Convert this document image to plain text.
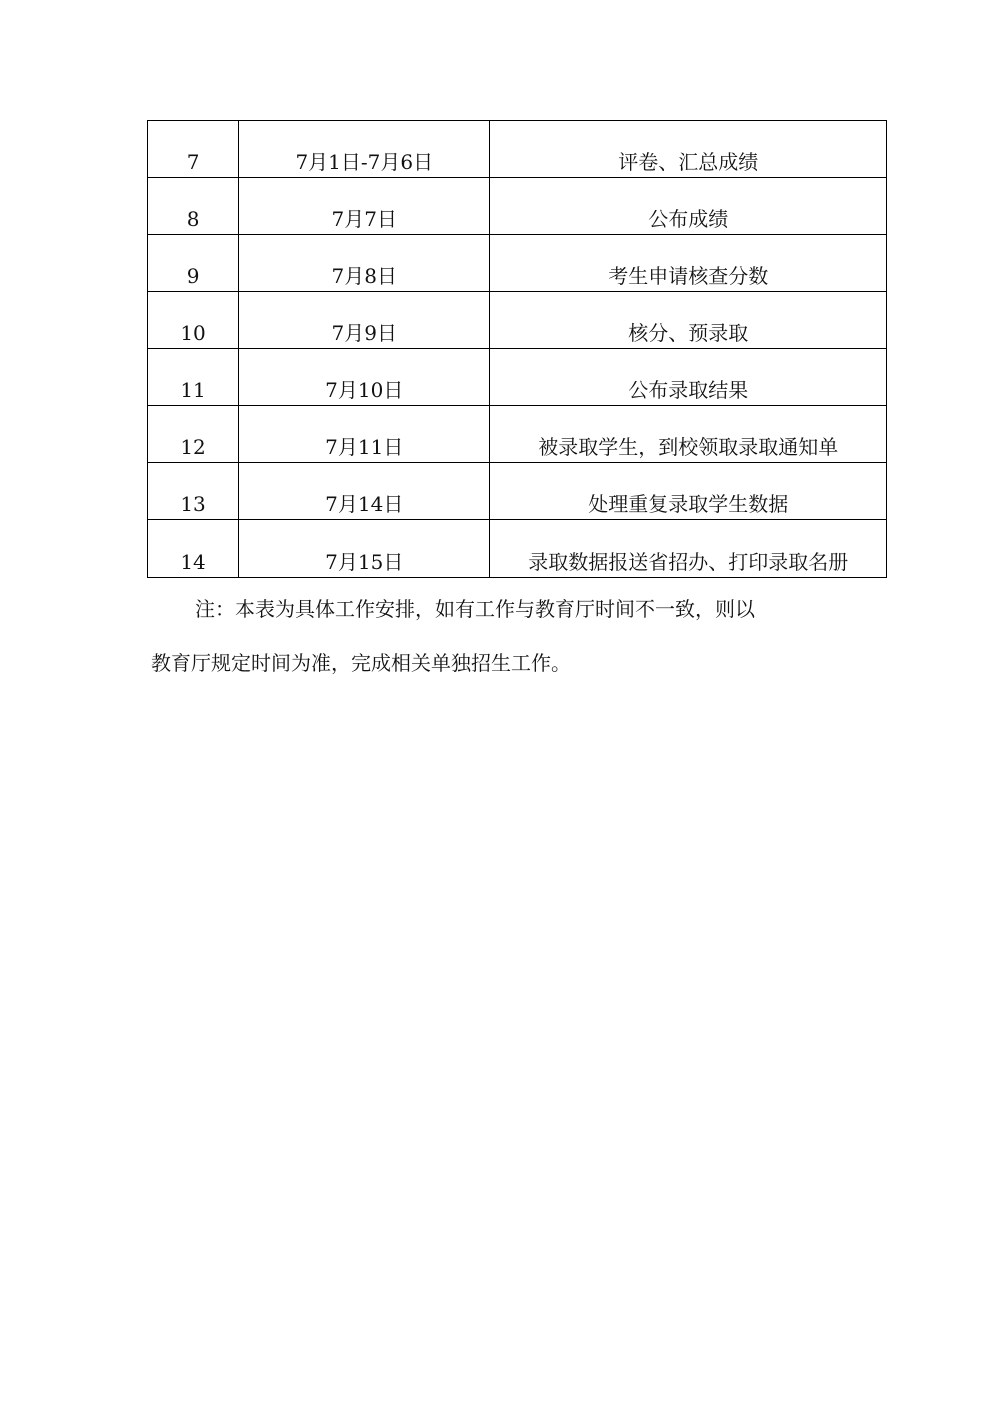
7	7月1日-7月6日	评卷、汇总成绩
8	7月7日	公布成绩
9	7月8日	考生申请核查分数
10	7月9日	核分、预录取
11	7月10日	公布录取结果
12	7月11日	被录取学生，到校领取录取通知单
13	7月14日	处理重复录取学生数据
14	7月15日	录取数据报送省招办、打印录取名册
注：本表为具体工作安排，如有工作与教育厅时间不一致，则以
教育厅规定时间为准，完成相关单独招生工作。
